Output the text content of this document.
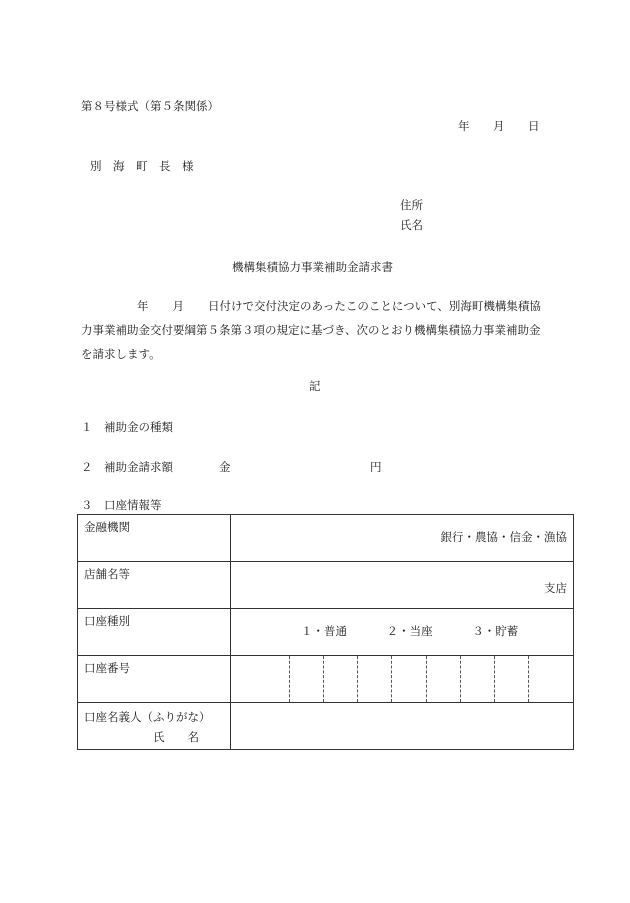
第８号様式（第５条関係）
年 月 日
別　海　町　長　様
住所
氏名
機構集積協力事業補助金請求書
年 月 日付けで交付決定のあったこのことについて、別海町機構集積協
力事業補助金交付要綱第５条第３項の規定に基づき、次のとおり機構集積協力事業補助金
を請求します。
記
１　補助金の種類
２　補助金請求額	金	円
３　口座情報等
金融機関	銀行・農協・信金・漁協

店舗名等	支店

口座種別	１・普通 ２・当座 ３・貯蓄

口座番号	

口座名義人（ふりがな）
氏　　名	
